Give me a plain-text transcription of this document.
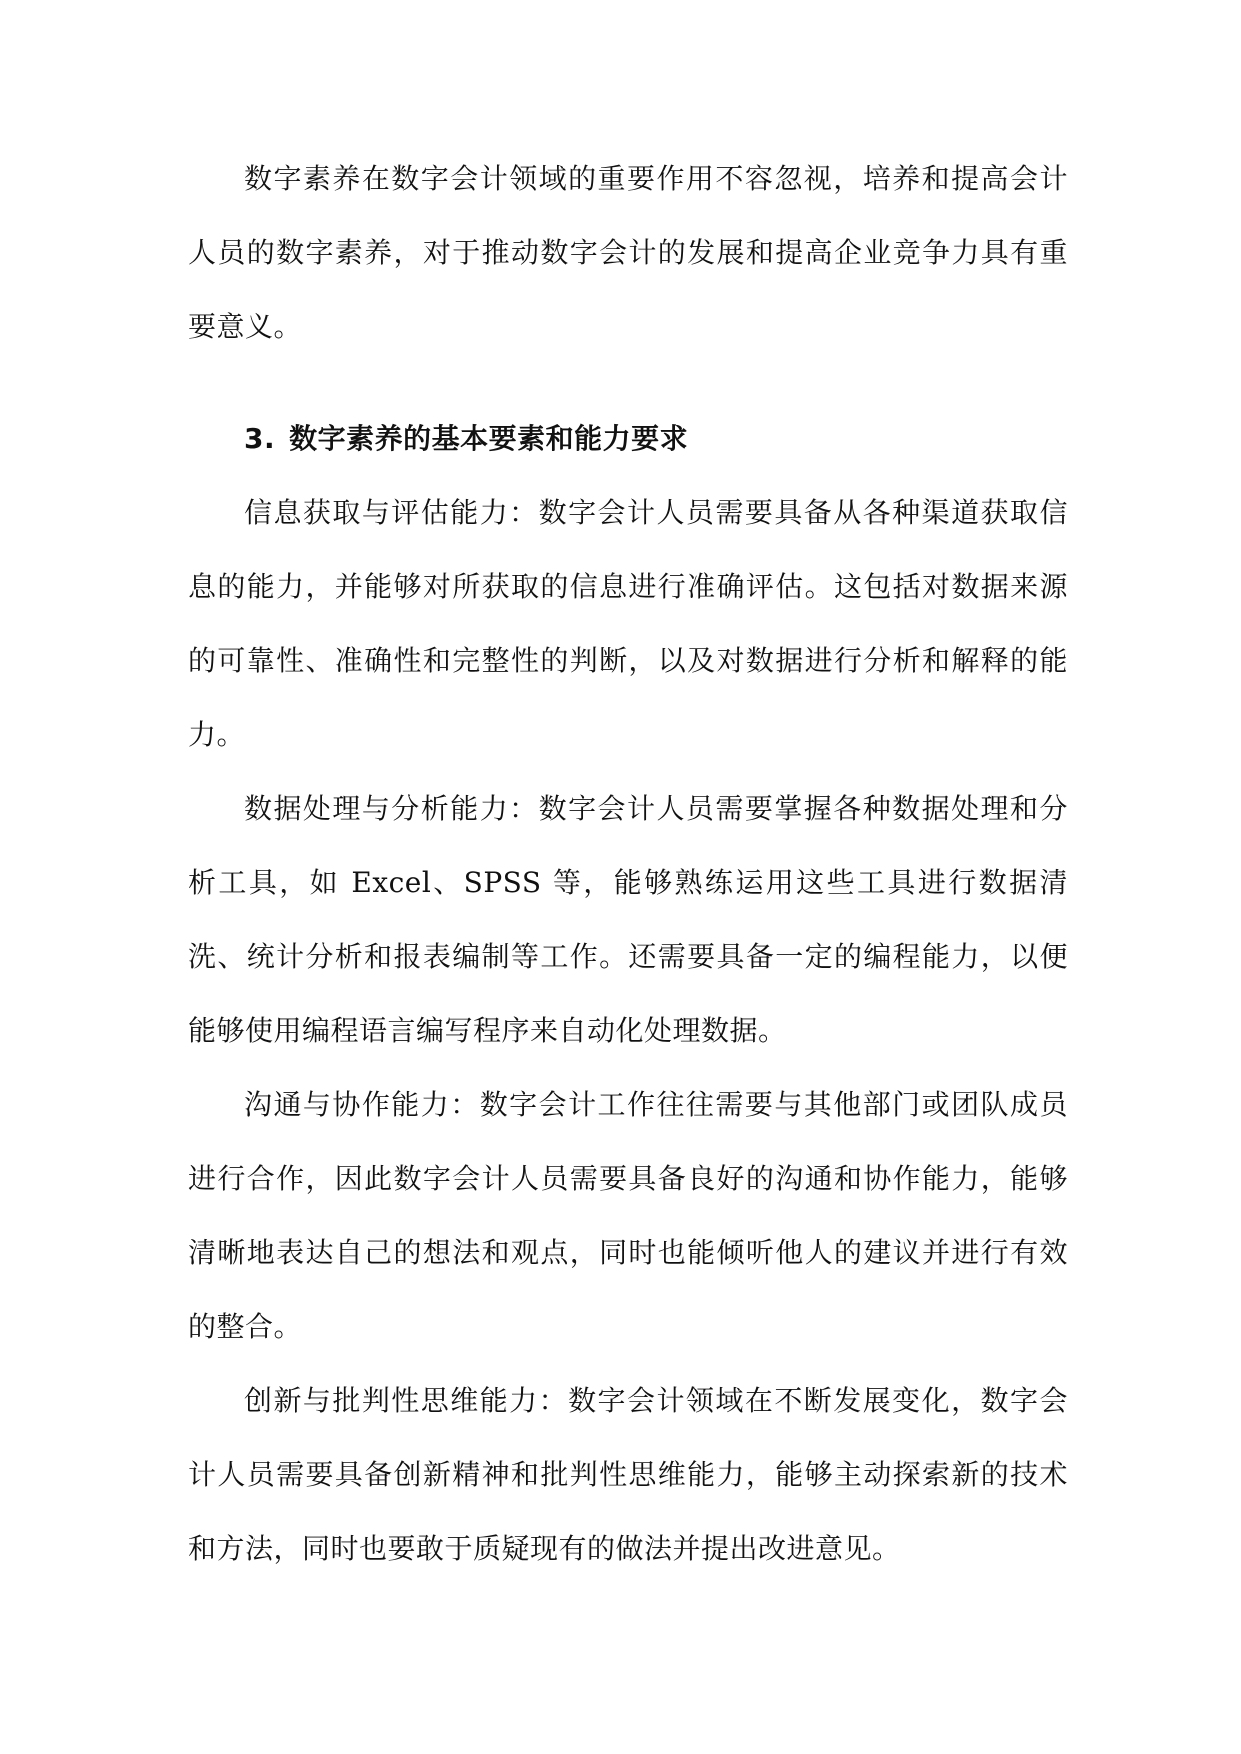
数字素养在数字会计领域的重要作用不容忽视，培养和提高会计人员的数字素养，对于推动数字会计的发展和提高企业竞争力具有重要意义。

3. 数字素养的基本要素和能力要求

信息获取与评估能力：数字会计人员需要具备从各种渠道获取信息的能力，并能够对所获取的信息进行准确评估。这包括对数据来源的可靠性、准确性和完整性的判断，以及对数据进行分析和解释的能力。

数据处理与分析能力：数字会计人员需要掌握各种数据处理和分析工具，如 Excel、SPSS 等，能够熟练运用这些工具进行数据清洗、统计分析和报表编制等工作。还需要具备一定的编程能力，以便能够使用编程语言编写程序来自动化处理数据。

沟通与协作能力：数字会计工作往往需要与其他部门或团队成员进行合作，因此数字会计人员需要具备良好的沟通和协作能力，能够清晰地表达自己的想法和观点，同时也能倾听他人的建议并进行有效的整合。

创新与批判性思维能力：数字会计领域在不断发展变化，数字会计人员需要具备创新精神和批判性思维能力，能够主动探索新的技术和方法，同时也要敢于质疑现有的做法并提出改进意见。
